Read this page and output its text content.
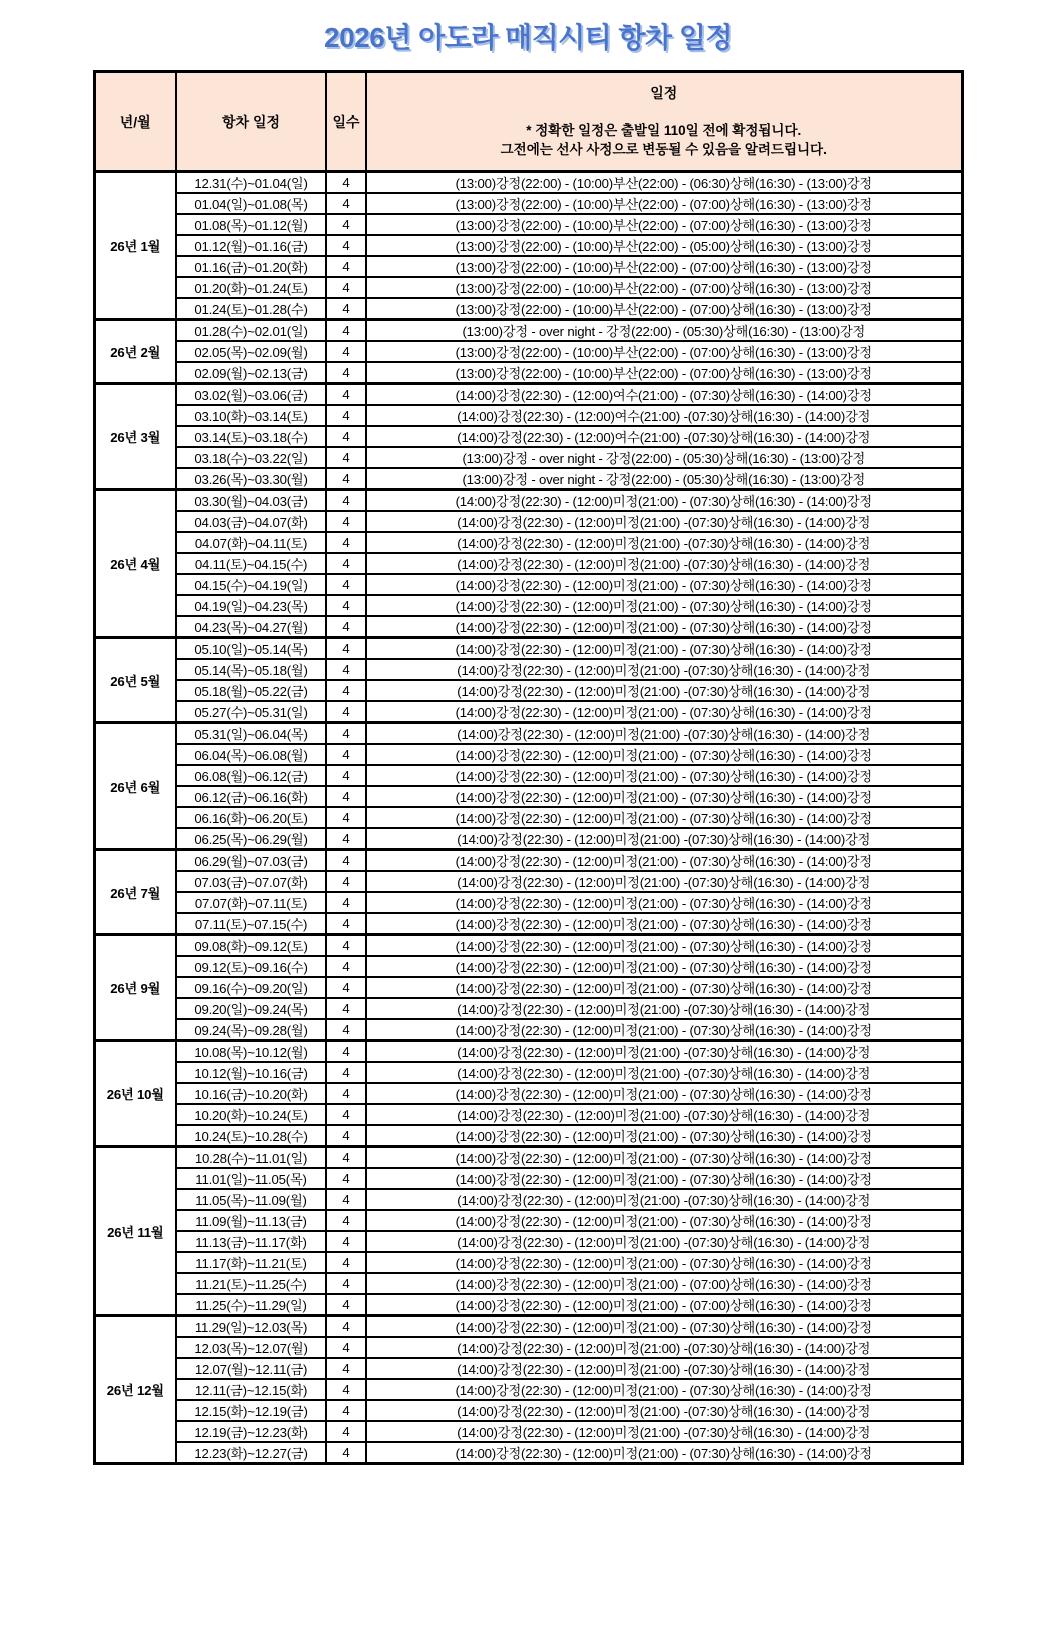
2026년 아도라 매직시티 항차 일정
년/월	항차 일정	일수	일정
* 정확한 일정은 출발일 110일 전에 확정됩니다.
그전에는 선사 사정으로 변동될 수 있음을 알려드립니다.

26년 1월	12.31(수)~01.04(일)	4	(13:00)강정(22:00) - (10:00)부산(22:00) - (06:30)상해(16:30) - (13:00)강정
	01.04(일)~01.08(목)	4	(13:00)강정(22:00) - (10:00)부산(22:00) - (07:00)상해(16:30) - (13:00)강정
	01.08(목)~01.12(월)	4	(13:00)강정(22:00) - (10:00)부산(22:00) - (07:00)상해(16:30) - (13:00)강정
	01.12(월)~01.16(금)	4	(13:00)강정(22:00) - (10:00)부산(22:00) - (05:00)상해(16:30) - (13:00)강정
	01.16(금)~01.20(화)	4	(13:00)강정(22:00) - (10:00)부산(22:00) - (07:00)상해(16:30) - (13:00)강정
	01.20(화)~01.24(토)	4	(13:00)강정(22:00) - (10:00)부산(22:00) - (07:00)상해(16:30) - (13:00)강정
	01.24(토)~01.28(수)	4	(13:00)강정(22:00) - (10:00)부산(22:00) - (07:00)상해(16:30) - (13:00)강정
26년 2월	01.28(수)~02.01(일)	4	(13:00)강정 - over night - 강정(22:00) - (05:30)상해(16:30) - (13:00)강정
	02.05(목)~02.09(월)	4	(13:00)강정(22:00) - (10:00)부산(22:00) - (07:00)상해(16:30) - (13:00)강정
	02.09(월)~02.13(금)	4	(13:00)강정(22:00) - (10:00)부산(22:00) - (07:00)상해(16:30) - (13:00)강정
26년 3월	03.02(월)~03.06(금)	4	(14:00)강정(22:30) - (12:00)여수(21:00) - (07:30)상해(16:30) - (14:00)강정
	03.10(화)~03.14(토)	4	(14:00)강정(22:30) - (12:00)여수(21:00) -(07:30)상해(16:30) - (14:00)강정
	03.14(토)~03.18(수)	4	(14:00)강정(22:30) - (12:00)여수(21:00) -(07:30)상해(16:30) - (14:00)강정
	03.18(수)~03.22(일)	4	(13:00)강정 - over night - 강정(22:00) - (05:30)상해(16:30) - (13:00)강정
	03.26(목)~03.30(월)	4	(13:00)강정 - over night - 강정(22:00) - (05:30)상해(16:30) - (13:00)강정
26년 4월	03.30(월)~04.03(금)	4	(14:00)강정(22:30) - (12:00)미정(21:00) - (07:30)상해(16:30) - (14:00)강정
	04.03(금)~04.07(화)	4	(14:00)강정(22:30) - (12:00)미정(21:00) -(07:30)상해(16:30) - (14:00)강정
	04.07(화)~04.11(토)	4	(14:00)강정(22:30) - (12:00)미정(21:00) -(07:30)상해(16:30) - (14:00)강정
	04.11(토)~04.15(수)	4	(14:00)강정(22:30) - (12:00)미정(21:00) -(07:30)상해(16:30) - (14:00)강정
	04.15(수)~04.19(일)	4	(14:00)강정(22:30) - (12:00)미정(21:00) - (07:30)상해(16:30) - (14:00)강정
	04.19(일)~04.23(목)	4	(14:00)강정(22:30) - (12:00)미정(21:00) - (07:30)상해(16:30) - (14:00)강정
	04.23(목)~04.27(월)	4	(14:00)강정(22:30) - (12:00)미정(21:00) - (07:30)상해(16:30) - (14:00)강정
26년 5월	05.10(일)~05.14(목)	4	(14:00)강정(22:30) - (12:00)미정(21:00) - (07:30)상해(16:30) - (14:00)강정
	05.14(목)~05.18(월)	4	(14:00)강정(22:30) - (12:00)미정(21:00) -(07:30)상해(16:30) - (14:00)강정
	05.18(월)~05.22(금)	4	(14:00)강정(22:30) - (12:00)미정(21:00) -(07:30)상해(16:30) - (14:00)강정
	05.27(수)~05.31(일)	4	(14:00)강정(22:30) - (12:00)미정(21:00) - (07:30)상해(16:30) - (14:00)강정
26년 6월	05.31(일)~06.04(목)	4	(14:00)강정(22:30) - (12:00)미정(21:00) -(07:30)상해(16:30) - (14:00)강정
	06.04(목)~06.08(월)	4	(14:00)강정(22:30) - (12:00)미정(21:00) - (07:30)상해(16:30) - (14:00)강정
	06.08(월)~06.12(금)	4	(14:00)강정(22:30) - (12:00)미정(21:00) - (07:30)상해(16:30) - (14:00)강정
	06.12(금)~06.16(화)	4	(14:00)강정(22:30) - (12:00)미정(21:00) - (07:30)상해(16:30) - (14:00)강정
	06.16(화)~06.20(토)	4	(14:00)강정(22:30) - (12:00)미정(21:00) - (07:30)상해(16:30) - (14:00)강정
	06.25(목)~06.29(월)	4	(14:00)강정(22:30) - (12:00)미정(21:00) -(07:30)상해(16:30) - (14:00)강정
26년 7월	06.29(월)~07.03(금)	4	(14:00)강정(22:30) - (12:00)미정(21:00) - (07:30)상해(16:30) - (14:00)강정
	07.03(금)~07.07(화)	4	(14:00)강정(22:30) - (12:00)미정(21:00) -(07:30)상해(16:30) - (14:00)강정
	07.07(화)~07.11(토)	4	(14:00)강정(22:30) - (12:00)미정(21:00) - (07:30)상해(16:30) - (14:00)강정
	07.11(토)~07.15(수)	4	(14:00)강정(22:30) - (12:00)미정(21:00) - (07:30)상해(16:30) - (14:00)강정
26년 9월	09.08(화)~09.12(토)	4	(14:00)강정(22:30) - (12:00)미정(21:00) - (07:30)상해(16:30) - (14:00)강정
	09.12(토)~09.16(수)	4	(14:00)강정(22:30) - (12:00)미정(21:00) - (07:30)상해(16:30) - (14:00)강정
	09.16(수)~09.20(일)	4	(14:00)강정(22:30) - (12:00)미정(21:00) - (07:30)상해(16:30) - (14:00)강정
	09.20(일)~09.24(목)	4	(14:00)강정(22:30) - (12:00)미정(21:00) -(07:30)상해(16:30) - (14:00)강정
	09.24(목)~09.28(월)	4	(14:00)강정(22:30) - (12:00)미정(21:00) - (07:30)상해(16:30) - (14:00)강정
26년 10월	10.08(목)~10.12(월)	4	(14:00)강정(22:30) - (12:00)미정(21:00) -(07:30)상해(16:30) - (14:00)강정
	10.12(월)~10.16(금)	4	(14:00)강정(22:30) - (12:00)미정(21:00) -(07:30)상해(16:30) - (14:00)강정
	10.16(금)~10.20(화)	4	(14:00)강정(22:30) - (12:00)미정(21:00) - (07:30)상해(16:30) - (14:00)강정
	10.20(화)~10.24(토)	4	(14:00)강정(22:30) - (12:00)미정(21:00) -(07:30)상해(16:30) - (14:00)강정
	10.24(토)~10.28(수)	4	(14:00)강정(22:30) - (12:00)미정(21:00) - (07:30)상해(16:30) - (14:00)강정
26년 11월	10.28(수)~11.01(일)	4	(14:00)강정(22:30) - (12:00)미정(21:00) - (07:30)상해(16:30) - (14:00)강정
	11.01(일)~11.05(목)	4	(14:00)강정(22:30) - (12:00)미정(21:00) - (07:30)상해(16:30) - (14:00)강정
	11.05(목)~11.09(월)	4	(14:00)강정(22:30) - (12:00)미정(21:00) -(07:30)상해(16:30) - (14:00)강정
	11.09(월)~11.13(금)	4	(14:00)강정(22:30) - (12:00)미정(21:00) - (07:30)상해(16:30) - (14:00)강정
	11.13(금)~11.17(화)	4	(14:00)강정(22:30) - (12:00)미정(21:00) -(07:30)상해(16:30) - (14:00)강정
	11.17(화)~11.21(토)	4	(14:00)강정(22:30) - (12:00)미정(21:00) - (07:30)상해(16:30) - (14:00)강정
	11.21(토)~11.25(수)	4	(14:00)강정(22:30) - (12:00)미정(21:00) - (07:00)상해(16:30) - (14:00)강정
	11.25(수)~11.29(일)	4	(14:00)강정(22:30) - (12:00)미정(21:00) - (07:00)상해(16:30) - (14:00)강정
26년 12월	11.29(일)~12.03(목)	4	(14:00)강정(22:30) - (12:00)미정(21:00) - (07:30)상해(16:30) - (14:00)강정
	12.03(목)~12.07(월)	4	(14:00)강정(22:30) - (12:00)미정(21:00) -(07:30)상해(16:30) - (14:00)강정
	12.07(월)~12.11(금)	4	(14:00)강정(22:30) - (12:00)미정(21:00) -(07:30)상해(16:30) - (14:00)강정
	12.11(금)~12.15(화)	4	(14:00)강정(22:30) - (12:00)미정(21:00) - (07:30)상해(16:30) - (14:00)강정
	12.15(화)~12.19(금)	4	(14:00)강정(22:30) - (12:00)미정(21:00) -(07:30)상해(16:30) - (14:00)강정
	12.19(금)~12.23(화)	4	(14:00)강정(22:30) - (12:00)미정(21:00) -(07:30)상해(16:30) - (14:00)강정
	12.23(화)~12.27(금)	4	(14:00)강정(22:30) - (12:00)미정(21:00) - (07:30)상해(16:30) - (14:00)강정
